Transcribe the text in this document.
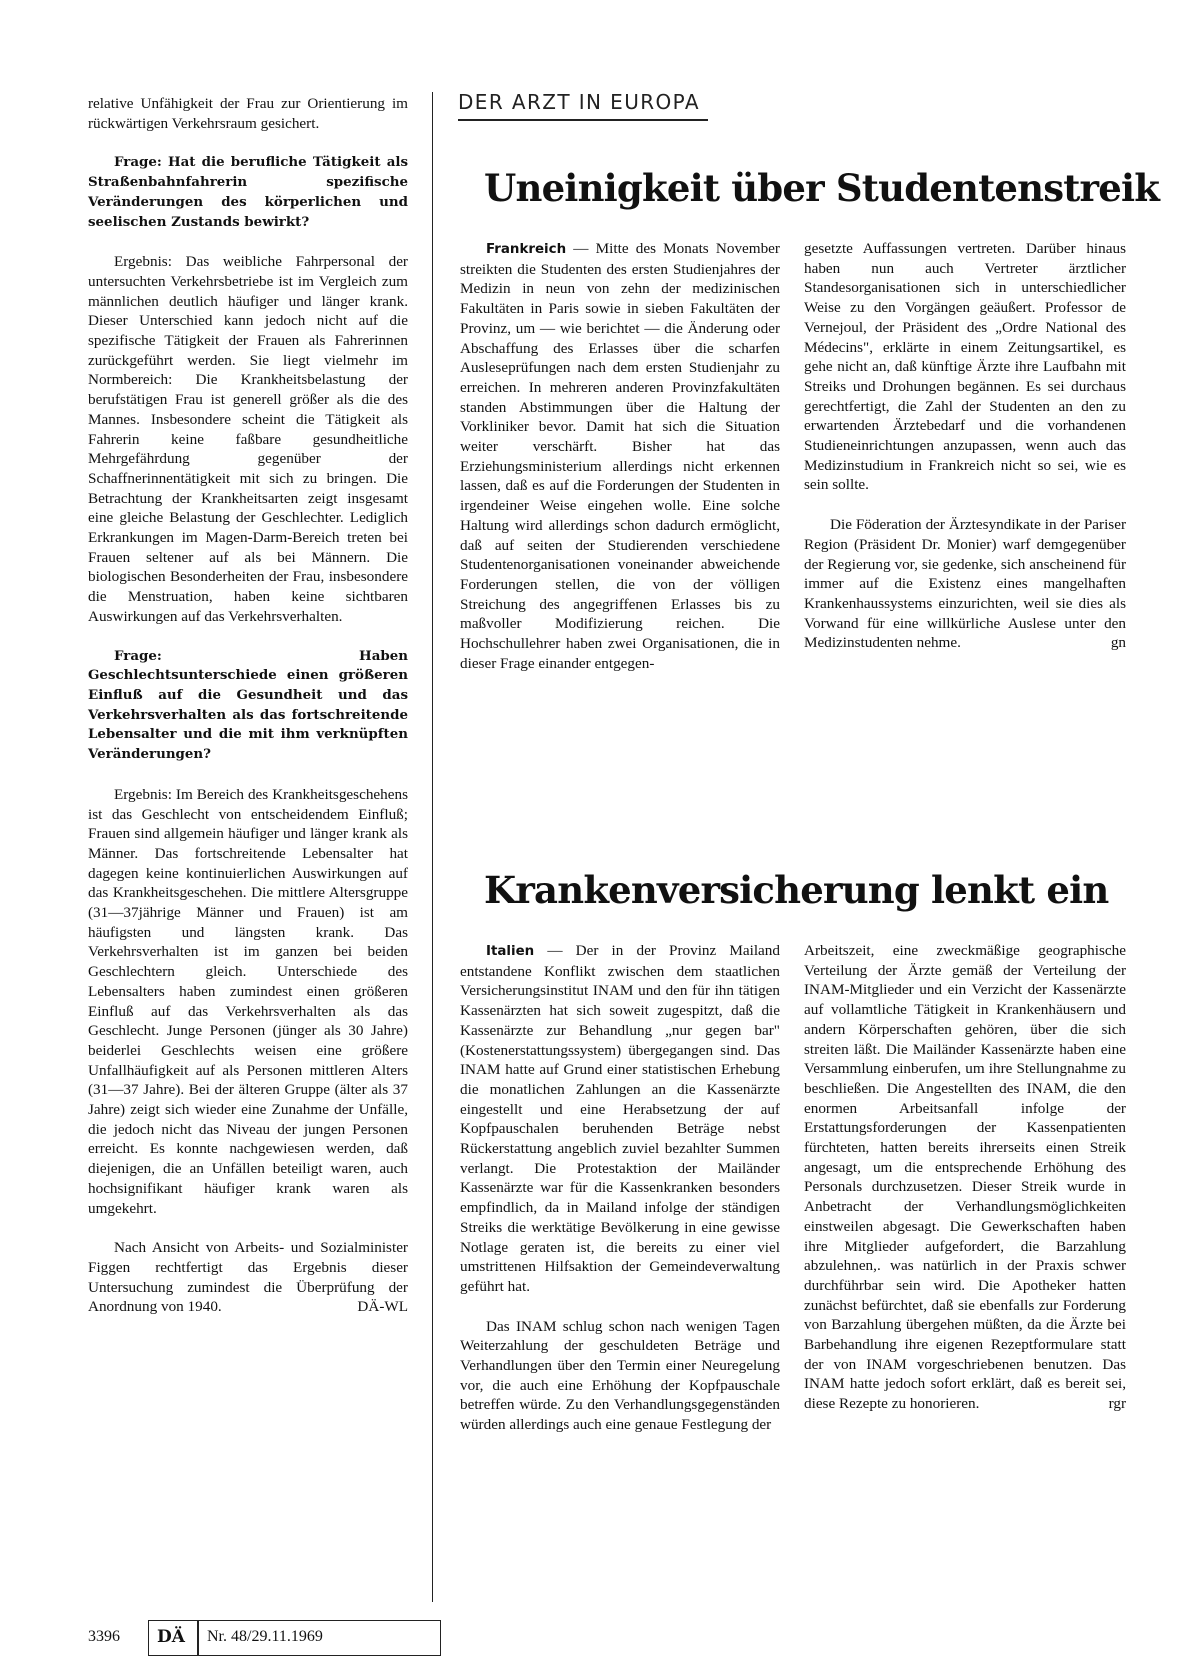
relative Unfähigkeit der Frau zur Orientierung im rückwärtigen Verkehrsraum gesichert.

Frage: Hat die berufliche Tätigkeit als Straßenbahnfahrerin spezifische Veränderungen des körperlichen und seelischen Zustands bewirkt?

Ergebnis: Das weibliche Fahrpersonal der untersuchten Verkehrsbetriebe ist im Vergleich zum männlichen deutlich häufiger und länger krank. Dieser Unterschied kann jedoch nicht auf die spezifische Tätigkeit der Frauen als Fahrerinnen zurückgeführt werden. Sie liegt vielmehr im Normbereich: Die Krankheitsbelastung der berufstätigen Frau ist generell größer als die des Mannes. Insbesondere scheint die Tätigkeit als Fahrerin keine faßbare gesundheitliche Mehrgefährdung gegenüber der Schaffnerinnentätigkeit mit sich zu bringen. Die Betrachtung der Krankheitsarten zeigt insgesamt eine gleiche Belastung der Geschlechter. Lediglich Erkrankungen im Magen-Darm-Bereich treten bei Frauen seltener auf als bei Männern. Die biologischen Besonderheiten der Frau, insbesondere die Menstruation, haben keine sichtbaren Auswirkungen auf das Verkehrsverhalten.

Frage: Haben Geschlechtsunterschiede einen größeren Einfluß auf die Gesundheit und das Verkehrsverhalten als das fortschreitende Lebensalter und die mit ihm verknüpften Veränderungen?

Ergebnis: Im Bereich des Krankheitsgeschehens ist das Geschlecht von entscheidendem Einfluß; Frauen sind allgemein häufiger und länger krank als Männer. Das fortschreitende Lebensalter hat dagegen keine kontinuierlichen Auswirkungen auf das Krankheitsgeschehen. Die mittlere Altersgruppe (31—37jährige Männer und Frauen) ist am häufigsten und längsten krank. Das Verkehrsverhalten ist im ganzen bei beiden Geschlechtern gleich. Unterschiede des Lebensalters haben zumindest einen größeren Einfluß auf das Verkehrsverhalten als das Geschlecht. Junge Personen (jünger als 30 Jahre) beiderlei Geschlechts weisen eine größere Unfallhäufigkeit auf als Personen mittleren Alters (31—37 Jahre). Bei der älteren Gruppe (älter als 37 Jahre) zeigt sich wieder eine Zunahme der Unfälle, die jedoch nicht das Niveau der jungen Personen erreicht. Es konnte nachgewiesen werden, daß diejenigen, die an Unfällen beteiligt waren, auch hochsignifikant häufiger krank waren als umgekehrt.

Nach Ansicht von Arbeits- und Sozialminister Figgen rechtfertigt das Ergebnis dieser Untersuchung zumindest die Überprüfung der Anordnung von 1940.	DÄ-WL
DER ARZT IN EUROPA
Uneinigkeit über Studentenstreik

Frankreich — Mitte des Monats November streikten die Studenten des ersten Studienjahres der Medizin in neun von zehn der medizinischen Fakultäten in Paris sowie in sieben Fakultäten der Provinz, um — wie berichtet — die Änderung oder Abschaffung des Erlasses über die scharfen Ausleseprüfungen nach dem ersten Studienjahr zu erreichen. In mehreren anderen Provinzfakultäten standen Abstimmungen über die Haltung der Vorkliniker bevor. Damit hat sich die Situation weiter verschärft. Bisher hat das Erziehungsministerium allerdings nicht erkennen lassen, daß es auf die Forderungen der Studenten in irgendeiner Weise eingehen wolle. Eine solche Haltung wird allerdings schon dadurch ermöglicht, daß auf seiten der Studierenden verschiedene Studentenorganisationen voneinander abweichende Forderungen stellen, die von der völligen Streichung des angegriffenen Erlasses bis zu maßvoller Modifizierung reichen. Die Hochschullehrer haben zwei Organisationen, die in dieser Frage einander entgegen-

gesetzte Auffassungen vertreten. Darüber hinaus haben nun auch Vertreter ärztlicher Standesorganisationen sich in unterschiedlicher Weise zu den Vorgängen geäußert. Professor de Vernejoul, der Präsident des „Ordre National des Médecins", erklärte in einem Zeitungsartikel, es gehe nicht an, daß künftige Ärzte ihre Laufbahn mit Streiks und Drohungen begännen. Es sei durchaus gerechtfertigt, die Zahl der Studenten an den zu erwartenden Ärztebedarf und die vorhandenen Studieneinrichtungen anzupassen, wenn auch das Medizinstudium in Frankreich nicht so sei, wie es sein sollte.

Die Föderation der Ärztesyndikate in der Pariser Region (Präsident Dr. Monier) warf demgegenüber der Regierung vor, sie gedenke, sich anscheinend für immer auf die Existenz eines mangelhaften Krankenhaussystems einzurichten, weil sie dies als Vorwand für eine willkürliche Auslese unter den Medizinstudenten nehme.	gn
Krankenversicherung lenkt ein

Italien — Der in der Provinz Mailand entstandene Konflikt zwischen dem staatlichen Versicherungsinstitut INAM und den für ihn tätigen Kassenärzten hat sich soweit zugespitzt, daß die Kassenärzte zur Behandlung „nur gegen bar" (Kostenerstattungssystem) übergegangen sind. Das INAM hatte auf Grund einer statistischen Erhebung die monatlichen Zahlungen an die Kassenärzte eingestellt und eine Herabsetzung der auf Kopfpauschalen beruhenden Beträge nebst Rückerstattung angeblich zuviel bezahlter Summen verlangt. Die Protestaktion der Mailänder Kassenärzte war für die Kassenkranken besonders empfindlich, da in Mailand infolge der ständigen Streiks die werktätige Bevölkerung in eine gewisse Notlage geraten ist, die bereits zu einer viel umstrittenen Hilfsaktion der Gemeindeverwaltung geführt hat.

Das INAM schlug schon nach wenigen Tagen Weiterzahlung der geschuldeten Beträge und Verhandlungen über den Termin einer Neuregelung vor, die auch eine Erhöhung der Kopfpauschale betreffen würde. Zu den Verhandlungsgegenständen würden allerdings auch eine genaue Festlegung der

Arbeitszeit, eine zweckmäßige geographische Verteilung der Ärzte gemäß der Verteilung der INAM-Mitglieder und ein Verzicht der Kassenärzte auf vollamtliche Tätigkeit in Krankenhäusern und andern Körperschaften gehören, über die sich streiten läßt. Die Mailänder Kassenärzte haben eine Versammlung einberufen, um ihre Stellungnahme zu beschließen. Die Angestellten des INAM, die den enormen Arbeitsanfall infolge der Erstattungsforderungen der Kassenpatienten fürchteten, hatten bereits ihrerseits einen Streik angesagt, um die entsprechende Erhöhung des Personals durchzusetzen. Dieser Streik wurde in Anbetracht der Verhandlungsmöglichkeiten einstweilen abgesagt. Die Gewerkschaften haben ihre Mitglieder aufgefordert, die Barzahlung abzulehnen,. was natürlich in der Praxis schwer durchführbar sein wird. Die Apotheker hatten zunächst befürchtet, daß sie ebenfalls zur Forderung von Barzahlung übergehen müßten, da die Ärzte bei Barbehandlung ihre eigenen Rezeptformulare statt der von INAM vorgeschriebenen benutzen. Das INAM hatte jedoch sofort erklärt, daß es bereit sei, diese Rezepte zu honorieren.	rgr
3396 DÄ Nr. 48/29.11.1969
